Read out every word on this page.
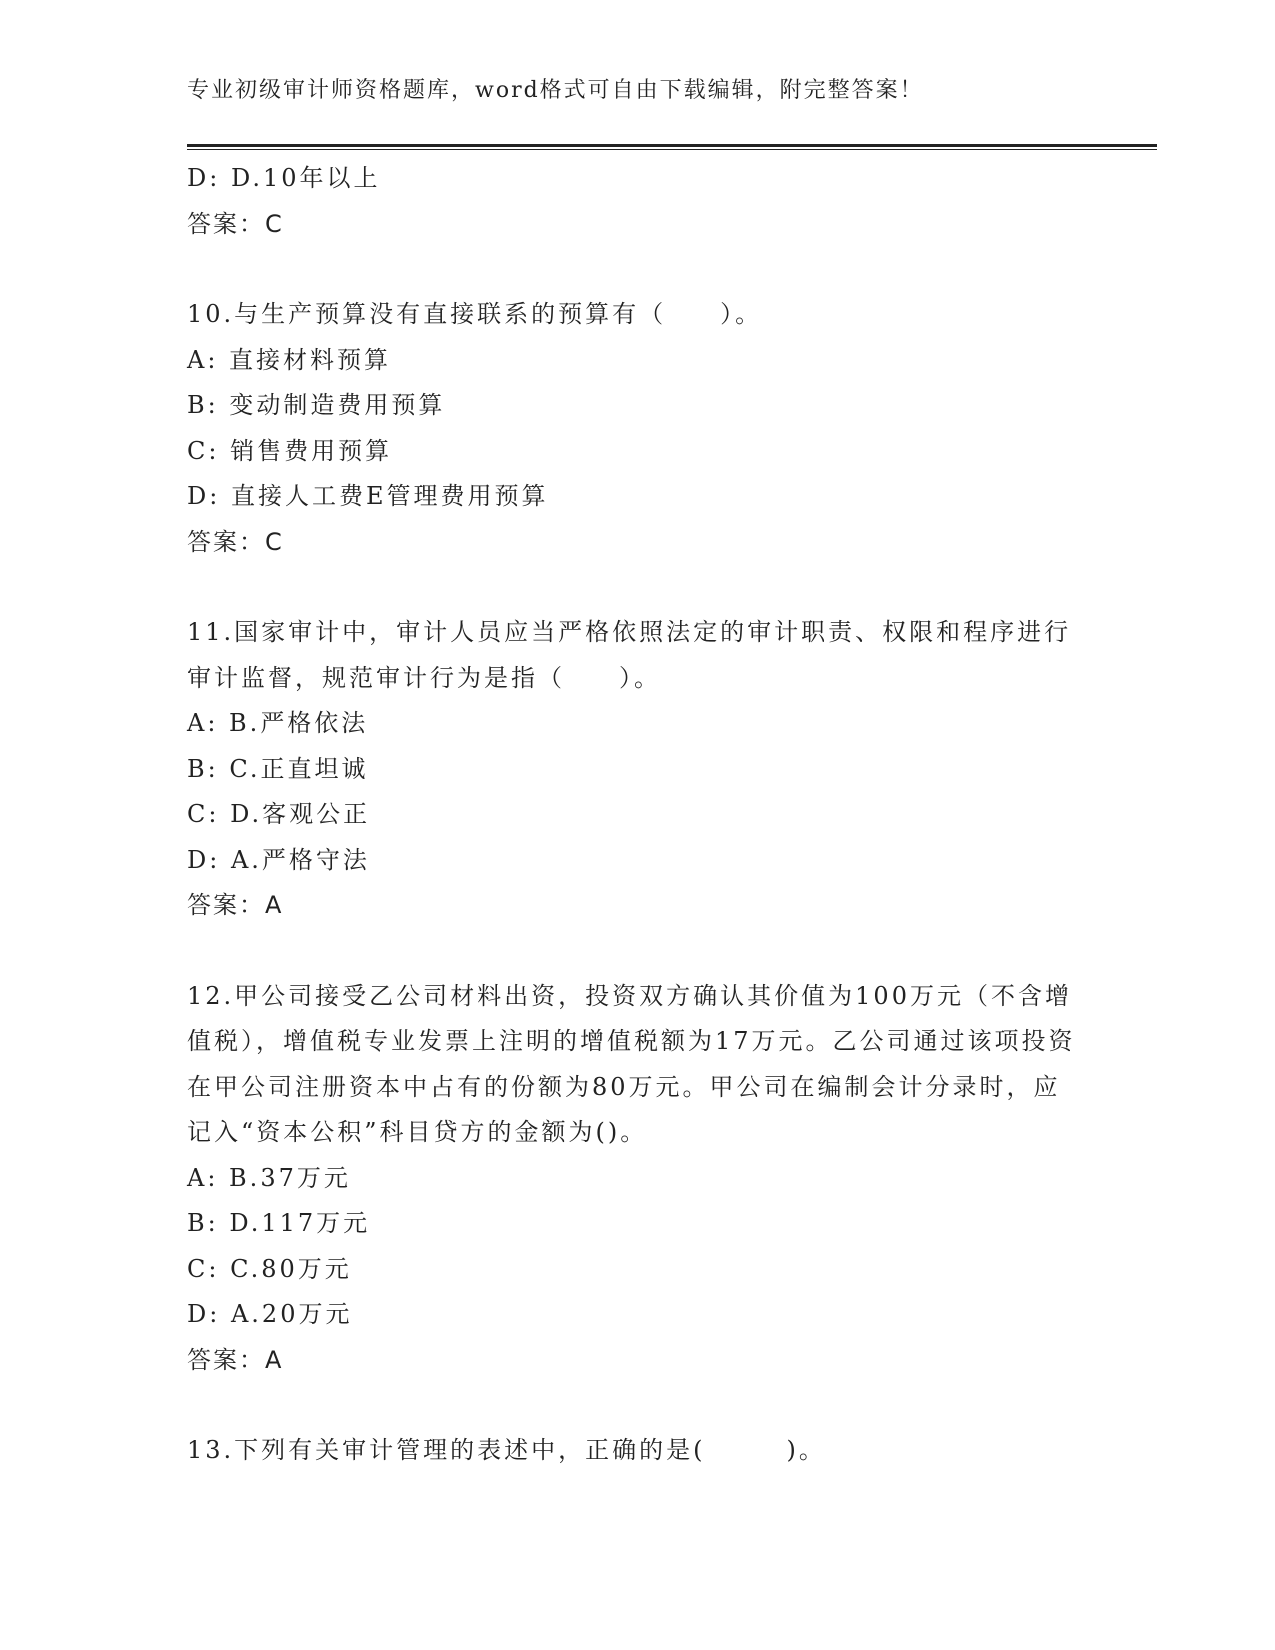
专业初级审计师资格题库，word格式可自由下载编辑，附完整答案！
D: D.10年以上
答案：C
10.与生产预算没有直接联系的预算有（　　）。
A: 直接材料预算
B: 变动制造费用预算
C: 销售费用预算
D: 直接人工费E管理费用预算
答案：C
11.国家审计中，审计人员应当严格依照法定的审计职责、权限和程序进行审计监督，规范审计行为是指（　　）。
A: B.严格依法
B: C.正直坦诚
C: D.客观公正
D: A.严格守法
答案：A
12.甲公司接受乙公司材料出资，投资双方确认其价值为100万元（不含增值税），增值税专业发票上注明的增值税额为17万元。乙公司通过该项投资在甲公司注册资本中占有的份额为80万元。甲公司在编制会计分录时，应记入“资本公积”科目贷方的金额为()。
A: B.37万元
B: D.117万元
C: C.80万元
D: A.20万元
答案：A
13.下列有关审计管理的表述中，正确的是(　　　)。
